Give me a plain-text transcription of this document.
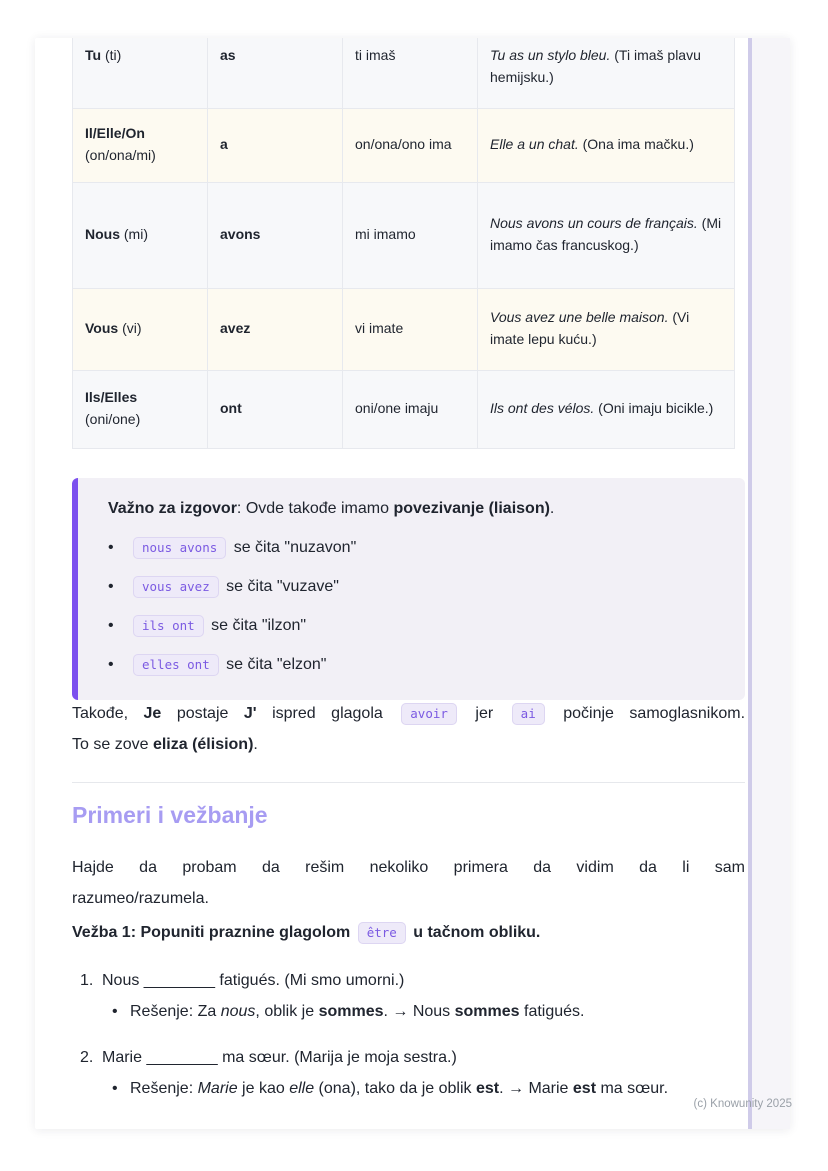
Tu (ti)	as	ti imaš	Tu as un stylo bleu. (Ti imaš plavu hemijsku.)
Il/Elle/On (on/ona/mi)	a	on/ona/ono ima	Elle a un chat. (Ona ima mačku.)
Nous (mi)	avons	mi imamo	Nous avons un cours de français. (Mi imamo čas francuskog.)
Vous (vi)	avez	vi imate	Vous avez une belle maison. (Vi imate lepu kuću.)
Ils/Elles (oni/one)	ont	oni/one imaju	Ils ont des vélos. (Oni imaju bicikle.)

Važno za izgovor: Ovde takođe imamo povezivanje (liaison).

• nous avons se čita "nuzavon"
• vous avez se čita "vuzave"
• ils ont se čita "ilzon"
• elles ont se čita "elzon"
Takođe, Je postaje J' ispred glagola avoir jer ai počinje samoglasnikom.
To se zove eliza (élision).
Primeri i vežbanje
Hajde da probam da rešim nekoliko primera da vidim da li sam
razumeo/razumela.

Vežba 1: Popuniti praznine glagolom être u tačnom obliku.

1. Nous ________ fatigués. (Mi smo umorni.)
• Rešenje: Za nous, oblik je sommes. → Nous sommes fatigués.
2. Marie ________ ma sœur. (Marija je moja sestra.)
• Rešenje: Marie je kao elle (ona), tako da je oblik est. → Marie est ma sœur.
(c) Knowunity 2025
